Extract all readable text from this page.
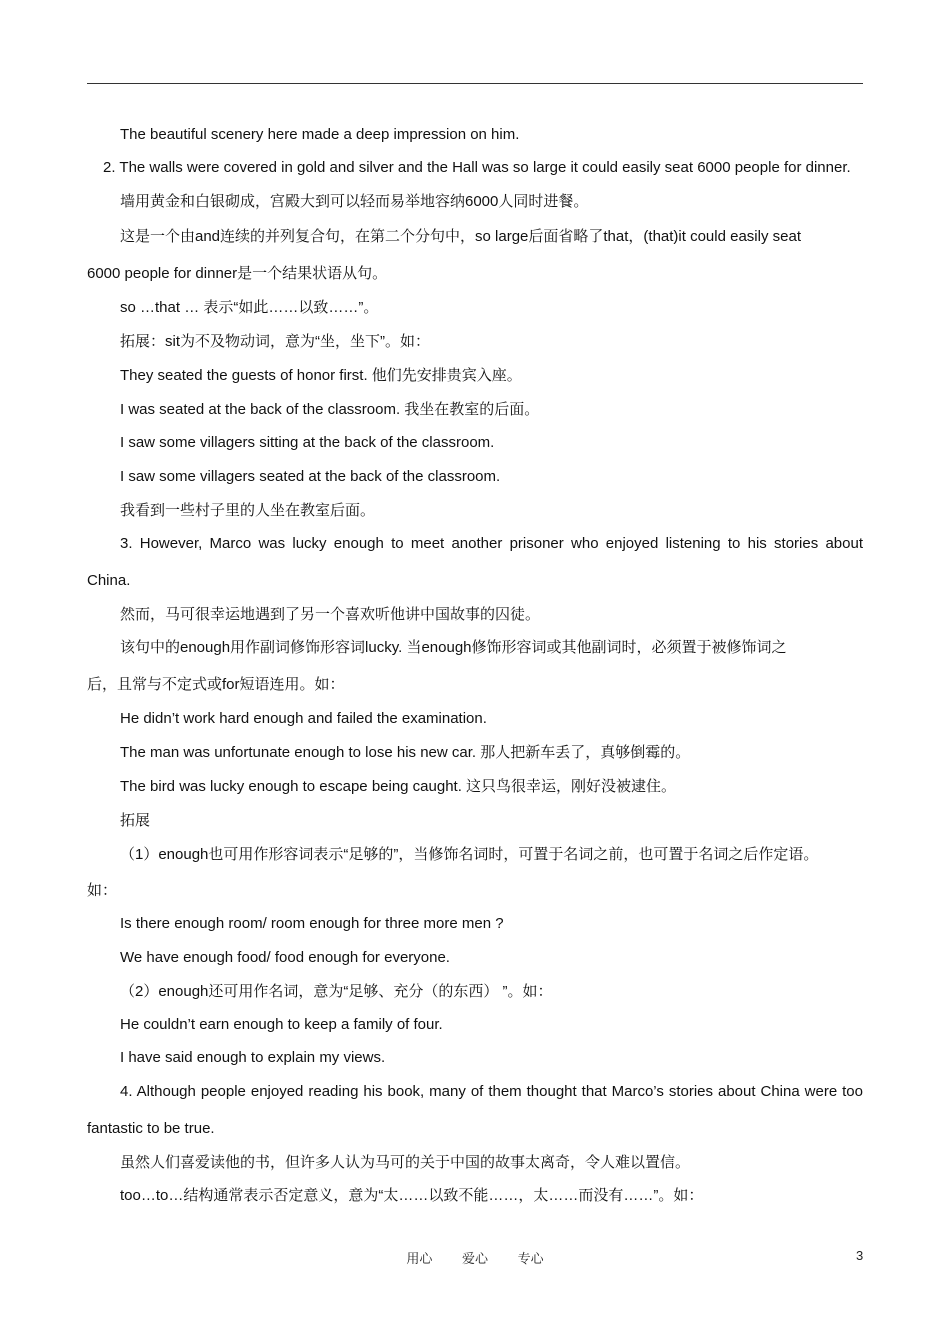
The beautiful scenery here made a deep impression on him.
2. The walls were covered in gold and silver and the Hall was so large it could easily seat 6000 people for dinner.
墙用黄金和白银砌成，宫殿大到可以轻而易举地容纳6000人同时进餐。
这是一个由and连续的并列复合句，在第二个分句中，so large后面省略了that，(that)it could easily seat
6000 people for dinner是一个结果状语从句。
so …that … 表示“如此……以致……”。
拓展：sit为不及物动词，意为“坐，坐下”。如：
They seated the guests of honor first. 他们先安排贵宾入座。
I was seated at the back of the classroom. 我坐在教室的后面。
I saw some villagers sitting at the back of the classroom.
I saw some villagers seated at the back of the classroom.
我看到一些村子里的人坐在教室后面。
3. However, Marco was lucky enough to meet another prisoner who enjoyed listening to his stories about
China.
然而，马可很幸运地遇到了另一个喜欢听他讲中国故事的囚徒。
该句中的enough用作副词修饰形容词lucky. 当enough修饰形容词或其他副词时，必须置于被修饰词之
后，且常与不定式或for短语连用。如：
He didn’t work hard enough and failed the examination.
The man was unfortunate enough to lose his new car. 那人把新车丢了，真够倒霉的。
The bird was lucky enough to escape being caught. 这只鸟很幸运，刚好没被逮住。
拓展
（1）enough也可用作形容词表示“足够的”，当修饰名词时，可置于名词之前，也可置于名词之后作定语。
如：
Is there enough room/ room enough for three more men ?
We have enough food/ food enough for everyone.
（2）enough还可用作名词，意为“足够、充分（的东西） ”。如：
He couldn’t earn enough to keep a family of four.
I have said enough to explain my views.
4. Although people enjoyed reading his book, many of them thought that Marco’s stories about China were too
fantastic to be true.
虽然人们喜爱读他的书，但许多人认为马可的关于中国的故事太离奇，令人难以置信。
too…to…结构通常表示否定意义，意为“太……以致不能……，太……而没有……”。如：
用心 爱心 专心	3
